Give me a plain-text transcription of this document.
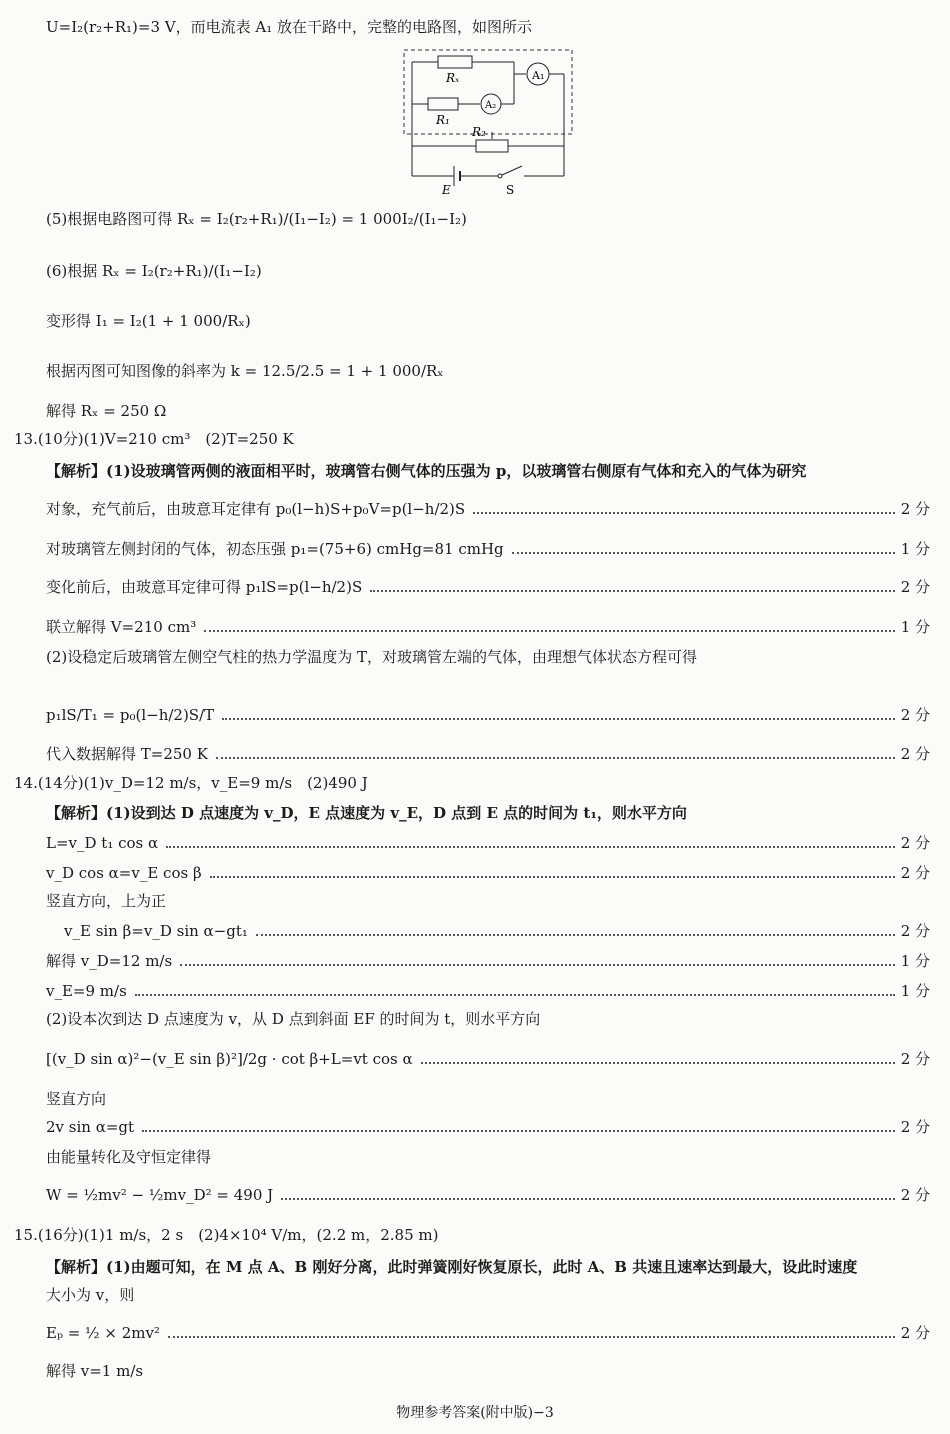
U=I₂(r₂+R₁)=3 V，而电流表 A₁ 放在干路中，完整的电路图，如图所示
Rₓ	A₁
R₁
A₂
R₂
E	S
(5)根据电路图可得 Rₓ = I₂(r₂+R₁)/(I₁−I₂) = 1 000I₂/(I₁−I₂)
(6)根据 Rₓ = I₂(r₂+R₁)/(I₁−I₂)
变形得 I₁ = I₂(1 + 1 000/Rₓ)
根据丙图可知图像的斜率为 k = 12.5/2.5 = 1 + 1 000/Rₓ
解得 Rₓ = 250 Ω
13.(10分)(1)V=210 cm³　(2)T=250 K
【解析】(1)设玻璃管两侧的液面相平时，玻璃管右侧气体的压强为 p，以玻璃管右侧原有气体和充入的气体为研究
对象，充气前后，由玻意耳定律有 p₀(l−h)S+p₀V=p(l−h/2)S	2 分
对玻璃管左侧封闭的气体，初态压强 p₁=(75+6) cmHg=81 cmHg	1 分
变化前后，由玻意耳定律可得 p₁lS=p(l−h/2)S	2 分
联立解得 V=210 cm³	1 分
(2)设稳定后玻璃管左侧空气柱的热力学温度为 T，对玻璃管左端的气体，由理想气体状态方程可得
p₁lS/T₁ = p₀(l−h/2)S/T	2 分
代入数据解得 T=250 K	2 分
14.(14分)(1)v_D=12 m/s，v_E=9 m/s　(2)490 J
【解析】(1)设到达 D 点速度为 v_D，E 点速度为 v_E，D 点到 E 点的时间为 t₁，则水平方向
L=v_D t₁ cos α	2 分
v_D cos α=v_E cos β	2 分
竖直方向，上为正
v_E sin β=v_D sin α−gt₁	2 分
解得 v_D=12 m/s	1 分
v_E=9 m/s	1 分
(2)设本次到达 D 点速度为 v，从 D 点到斜面 EF 的时间为 t，则水平方向
[(v_D sin α)²−(v_E sin β)²]/2g · cot β+L=vt cos α	2 分
竖直方向
2v sin α=gt	2 分
由能量转化及守恒定律得
W = ½mv² − ½mv_D² = 490 J	2 分
15.(16分)(1)1 m/s，2 s　(2)4×10⁴ V/m，(2.2 m，2.85 m)
【解析】(1)由题可知，在 M 点 A、B 刚好分离，此时弹簧刚好恢复原长，此时 A、B 共速且速率达到最大，设此时速度
大小为 v，则
Eₚ = ½ × 2mv²	2 分
解得 v=1 m/s
物理参考答案(附中版)−3
